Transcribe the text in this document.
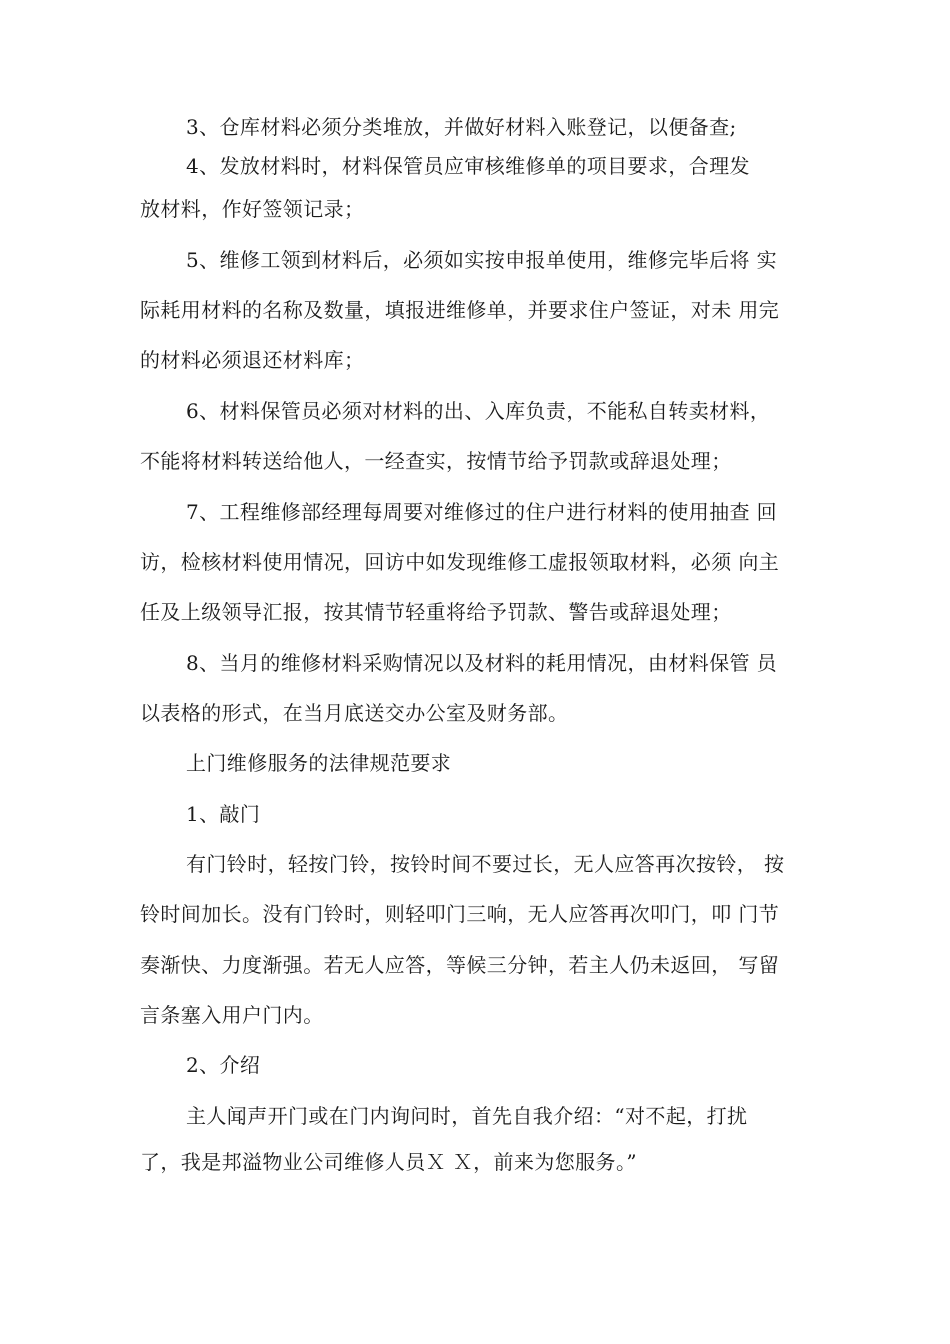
3、仓库材料必须分类堆放，并做好材料入账登记，以便备查;
4、发放材料时，材料保管员应审核维修单的项目要求，合理发
放材料，作好签领记录；
5、维修工领到材料后，必须如实按申报单使用，维修完毕后将 实
际耗用材料的名称及数量，填报进维修单，并要求住户签证，对未 用完
的材料必须退还材料库；
6、材料保管员必须对材料的出、入库负责，不能私自转卖材料，
不能将材料转送给他人，一经查实，按情节给予罚款或辞退处理；
7、工程维修部经理每周要对维修过的住户进行材料的使用抽查 回
访，检核材料使用情况，回访中如发现维修工虚报领取材料，必须 向主
任及上级领导汇报，按其情节轻重将给予罚款、警告或辞退处理；
8、当月的维修材料采购情况以及材料的耗用情况，由材料保管 员
以表格的形式，在当月底送交办公室及财务部。
上门维修服务的法律规范要求
1、敲门
有门铃时，轻按门铃，按铃时间不要过长，无人应答再次按铃， 按
铃时间加长。没有门铃时，则轻叩门三响，无人应答再次叩门，叩 门节
奏渐快、力度渐强。若无人应答，等候三分钟，若主人仍未返回， 写留
言条塞入用户门内。
2、介绍
主人闻声开门或在门内询问时，首先自我介绍：“对不起，打扰
了，我是邦溢物业公司维修人员Ｘ Ｘ，前来为您服务。”
